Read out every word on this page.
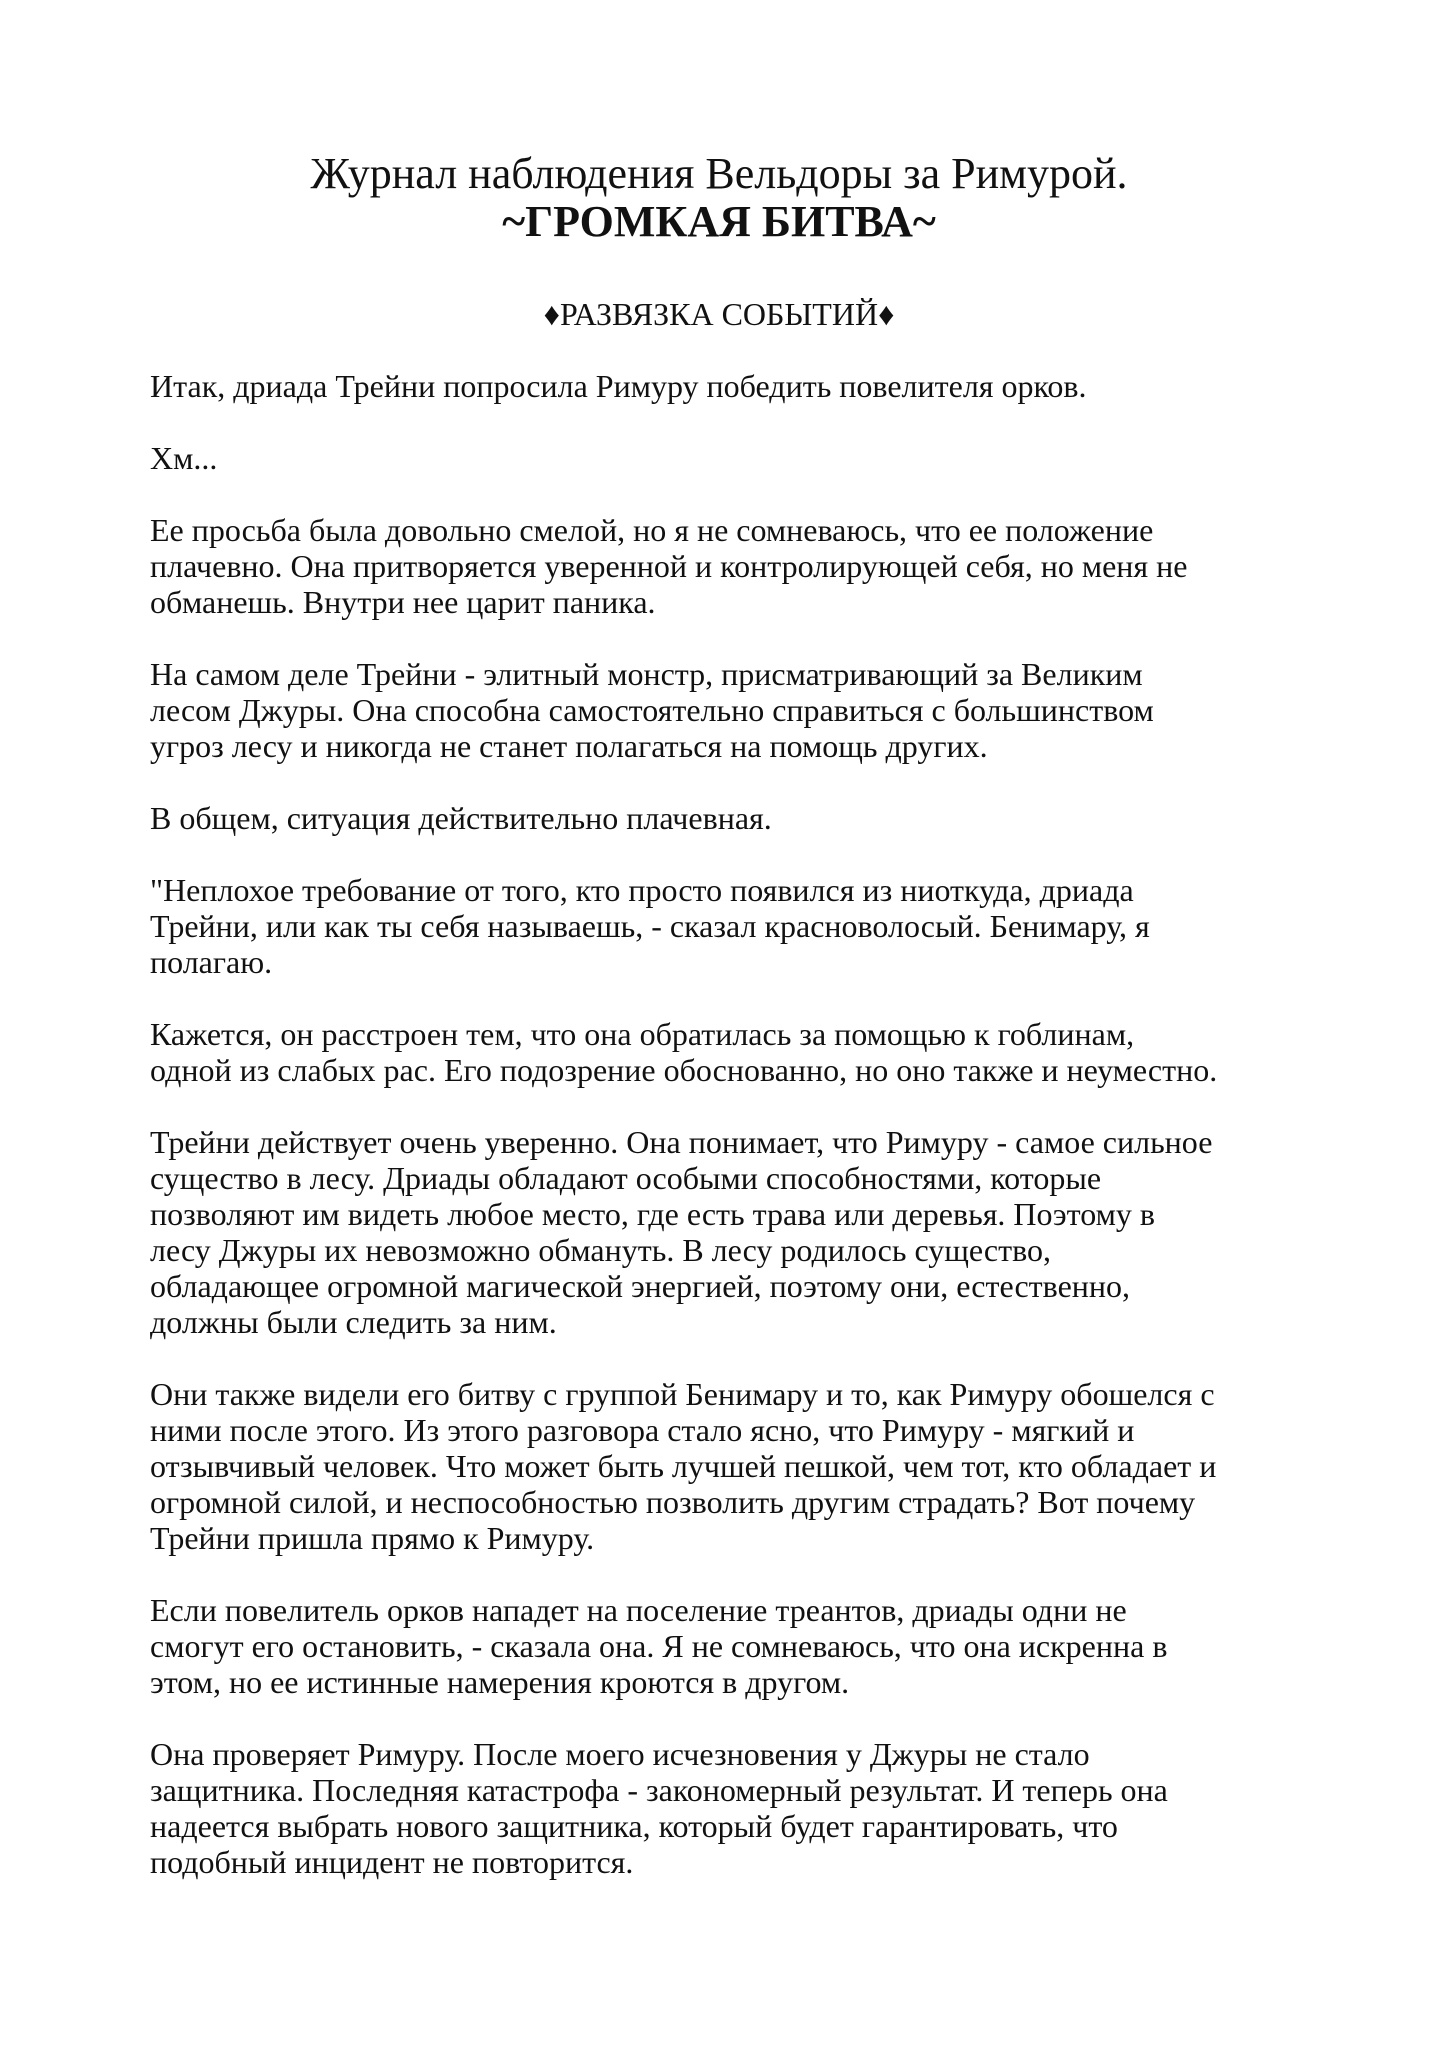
Журнал наблюдения Вельдоры за Римурой.
~ГРОМКАЯ БИТВА~
♦РАЗВЯЗКА СОБЫТИЙ♦

Итак, дриада Трейни попросила Римуру победить повелителя орков.

Хм...

Ее просьба была довольно смелой, но я не сомневаюсь, что ее положение
плачевно. Она притворяется уверенной и контролирующей себя, но меня не
обманешь. Внутри нее царит паника.

На самом деле Трейни - элитный монстр, присматривающий за Великим
лесом Джуры. Она способна самостоятельно справиться с большинством
угроз лесу и никогда не станет полагаться на помощь других.

В общем, ситуация действительно плачевная.

"Неплохое требование от того, кто просто появился из ниоткуда, дриада
Трейни, или как ты себя называешь, - сказал красноволосый. Бенимару, я
полагаю.

Кажется, он расстроен тем, что она обратилась за помощью к гоблинам,
одной из слабых рас. Его подозрение обоснованно, но оно также и неуместно.

Трейни действует очень уверенно. Она понимает, что Римуру - самое сильное
существо в лесу. Дриады обладают особыми способностями, которые
позволяют им видеть любое место, где есть трава или деревья. Поэтому в
лесу Джуры их невозможно обмануть. В лесу родилось существо,
обладающее огромной магической энергией, поэтому они, естественно,
должны были следить за ним.

Они также видели его битву с группой Бенимару и то, как Римуру обошелся с
ними после этого. Из этого разговора стало ясно, что Римуру - мягкий и
отзывчивый человек. Что может быть лучшей пешкой, чем тот, кто обладает и
огромной силой, и неспособностью позволить другим страдать? Вот почему
Трейни пришла прямо к Римуру.

Если повелитель орков нападет на поселение треантов, дриады одни не
смогут его остановить, - сказала она. Я не сомневаюсь, что она искренна в
этом, но ее истинные намерения кроются в другом.

Она проверяет Римуру. После моего исчезновения у Джуры не стало
защитника. Последняя катастрофа - закономерный результат. И теперь она
надеется выбрать нового защитника, который будет гарантировать, что
подобный инцидент не повторится.
